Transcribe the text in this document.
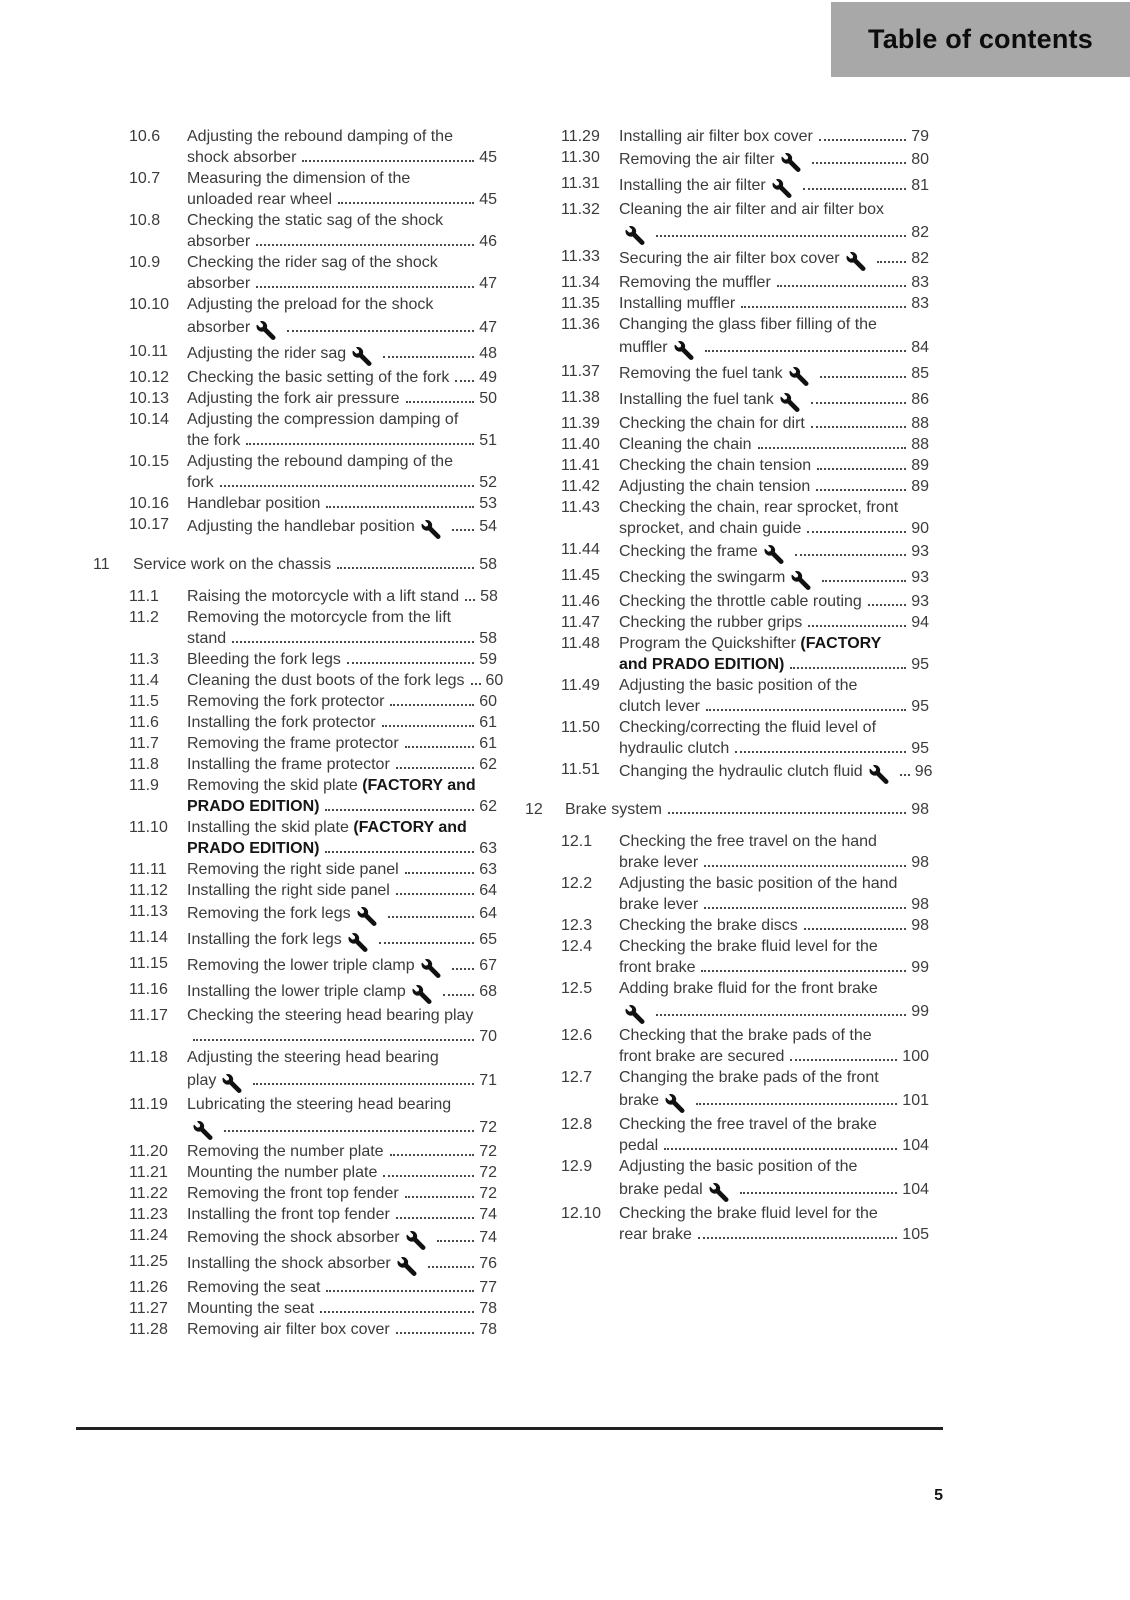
Table of contents
10.6	Adjusting the rebound damping of the
shock absorber	45
10.7	Measuring the dimension of the
unloaded rear wheel	45
10.8	Checking the static sag of the shock
absorber	46
10.9	Checking the rider sag of the shock
absorber	47
10.10	Adjusting the preload for the shock
absorber	47
10.11	Adjusting the rider sag	48
10.12	Checking the basic setting of the fork 49
10.13	Adjusting the fork air pressure	50
10.14	Adjusting the compression damping of
the fork	51
10.15	Adjusting the rebound damping of the
fork	52
10.16	Handlebar position	53
10.17	Adjusting the handlebar position	54
11	Service work on the chassis	58
11.1	Raising the motorcycle with a lift stand 58
11.2	Removing the motorcycle from the lift
stand	58
11.3	Bleeding the fork legs	59
11.4	Cleaning the dust boots of the fork legs 60
11.5	Removing the fork protector	60
11.6	Installing the fork protector	61
11.7	Removing the frame protector	61
11.8	Installing the frame protector	62
11.9	Removing the skid plate (FACTORY and
PRADO EDITION)	62
11.10	Installing the skid plate (FACTORY and
PRADO EDITION)	63
11.11	Removing the right side panel	63
11.12	Installing the right side panel	64
11.13	Removing the fork legs	64
11.14	Installing the fork legs	65
11.15	Removing the lower triple clamp	67
11.16	Installing the lower triple clamp	68
11.17	Checking the steering head bearing play
70
11.18	Adjusting the steering head bearing
play	71
11.19	Lubricating the steering head bearing
72
11.20	Removing the number plate	72
11.21	Mounting the number plate	72
11.22	Removing the front top fender	72
11.23	Installing the front top fender	74
11.24	Removing the shock absorber	74
11.25	Installing the shock absorber	76
11.26	Removing the seat	77
11.27	Mounting the seat	78
11.28	Removing air filter box cover	78
11.29	Installing air filter box cover	79
11.30	Removing the air filter	80
11.31	Installing the air filter	81
11.32	Cleaning the air filter and air filter box
82
11.33	Securing the air filter box cover	82
11.34	Removing the muffler	83
11.35	Installing muffler	83
11.36	Changing the glass fiber filling of the
muffler	84
11.37	Removing the fuel tank	85
11.38	Installing the fuel tank	86
11.39	Checking the chain for dirt	88
11.40	Cleaning the chain	88
11.41	Checking the chain tension	89
11.42	Adjusting the chain tension	89
11.43	Checking the chain, rear sprocket, front
sprocket, and chain guide	90
11.44	Checking the frame	93
11.45	Checking the swingarm	93
11.46	Checking the throttle cable routing	93
11.47	Checking the rubber grips	94
11.48	Program the Quickshifter (FACTORY
and PRADO EDITION)	95
11.49	Adjusting the basic position of the
clutch lever	95
11.50	Checking/correcting the fluid level of
hydraulic clutch	95
11.51	Changing the hydraulic clutch fluid	96
12	Brake system	98
12.1	Checking the free travel on the hand
brake lever	98
12.2	Adjusting the basic position of the hand
brake lever	98
12.3	Checking the brake discs	98
12.4	Checking the brake fluid level for the
front brake	99
12.5	Adding brake fluid for the front brake
99
12.6	Checking that the brake pads of the
front brake are secured	100
12.7	Changing the brake pads of the front
brake	101
12.8	Checking the free travel of the brake
pedal	104
12.9	Adjusting the basic position of the
brake pedal	104
12.10	Checking the brake fluid level for the
rear brake	105
5
